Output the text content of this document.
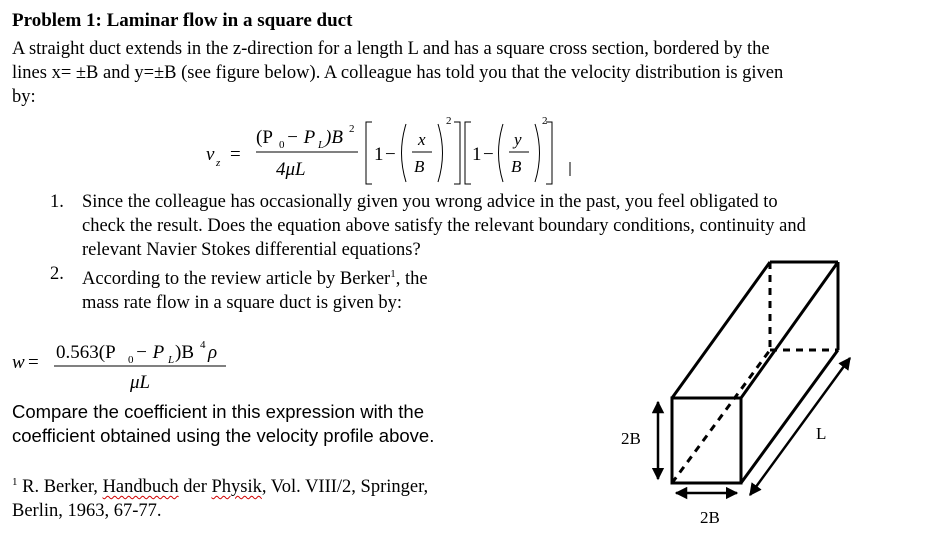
Problem 1: Laminar flow in a square duct
A straight duct extends in the z-direction for a length L and has a square cross section, bordered by the
lines x= ±B and y=±B (see figure below). A colleague has told you that the velocity distribution is given
by:
v z =
(P 0 − P L )B 2
4μL
1 −
x
B
2
1 −
y
B
2
1. Since the colleague has occasionally given you wrong advice in the past, you feel obligated to
check the result. Does the equation above satisfy the relevant boundary conditions, continuity and
relevant Navier Stokes differential equations?
2. According to the review article by Berker$^1$, the
mass rate flow in a square duct is given by:
w = 0.563(P 0 − P L )B 4 ρ
μL
Compare the coefficient in this expression with the
coefficient obtained using the velocity profile above.
$^1$ R. Berker, Handbuch der Physik, Vol. VIII/2, Springer,
Berlin, 1963, 67-77.
2B
2B
L
